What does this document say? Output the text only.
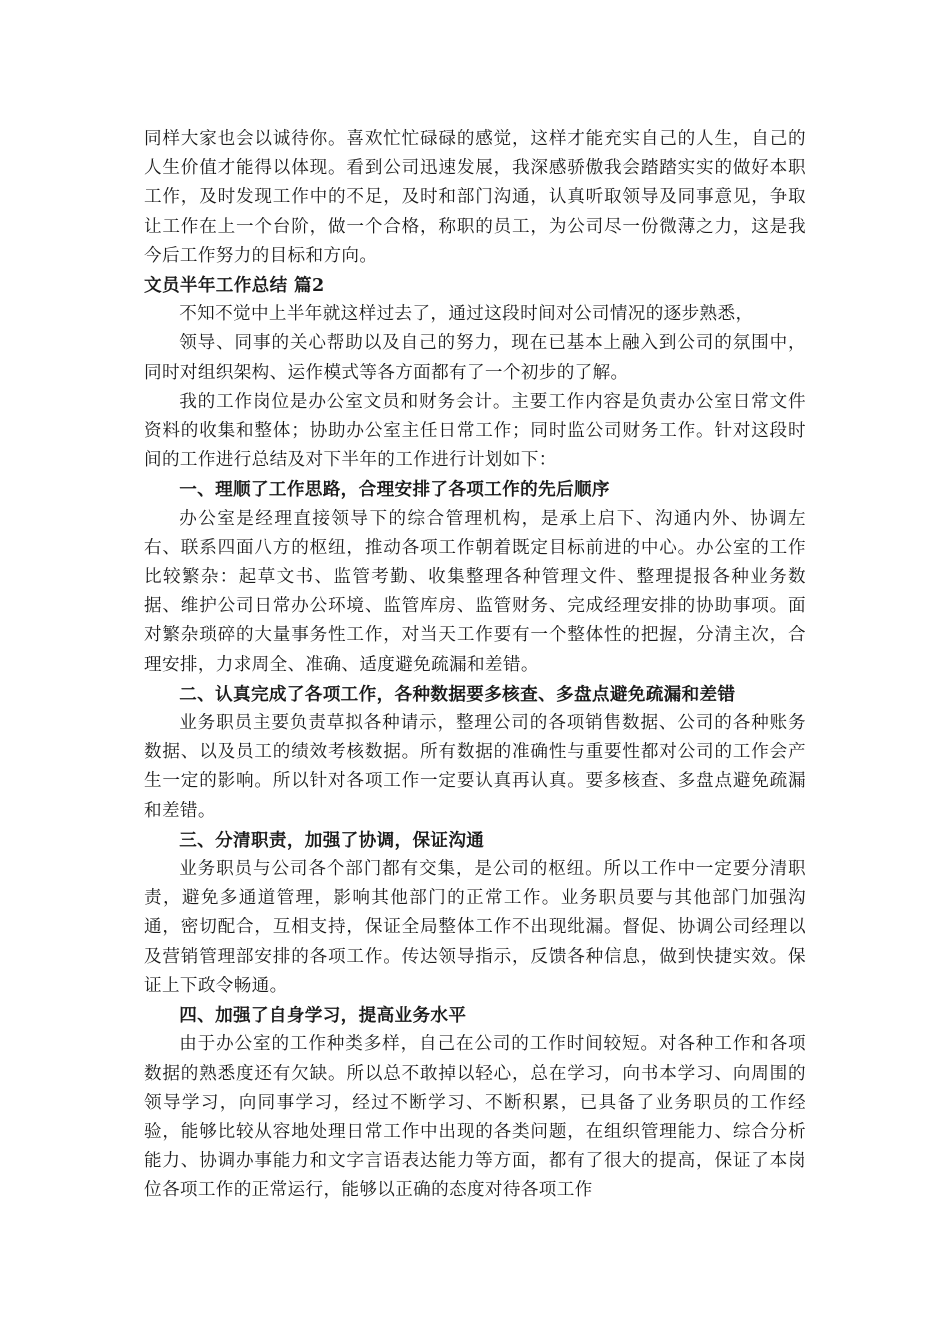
同样大家也会以诚待你。喜欢忙忙碌碌的感觉，这样才能充实自己的人生，自己的人生价值才能得以体现。看到公司迅速发展，我深感骄傲我会踏踏实实的做好本职工作，及时发现工作中的不足，及时和部门沟通，认真听取领导及同事意见，争取让工作在上一个台阶，做一个合格，称职的员工，为公司尽一份微薄之力，这是我今后工作努力的目标和方向。

文员半年工作总结 篇2

不知不觉中上半年就这样过去了，通过这段时间对公司情况的逐步熟悉，

领导、同事的关心帮助以及自己的努力，现在已基本上融入到公司的氛围中，同时对组织架构、运作模式等各方面都有了一个初步的了解。

我的工作岗位是办公室文员和财务会计。主要工作内容是负责办公室日常文件资料的收集和整体；协助办公室主任日常工作；同时监公司财务工作。针对这段时间的工作进行总结及对下半年的工作进行计划如下：

一、理顺了工作思路，合理安排了各项工作的先后顺序

办公室是经理直接领导下的综合管理机构，是承上启下、沟通内外、协调左右、联系四面八方的枢纽，推动各项工作朝着既定目标前进的中心。办公室的工作比较繁杂：起草文书、监管考勤、收集整理各种管理文件、整理提报各种业务数据、维护公司日常办公环境、监管库房、监管财务、完成经理安排的协助事项。面对繁杂琐碎的大量事务性工作，对当天工作要有一个整体性的把握，分清主次，合理安排，力求周全、准确、适度避免疏漏和差错。

二、认真完成了各项工作，各种数据要多核查、多盘点避免疏漏和差错

业务职员主要负责草拟各种请示，整理公司的各项销售数据、公司的各种账务数据、以及员工的绩效考核数据。所有数据的准确性与重要性都对公司的工作会产生一定的影响。所以针对各项工作一定要认真再认真。要多核查、多盘点避免疏漏和差错。

三、分清职责，加强了协调，保证沟通

业务职员与公司各个部门都有交集，是公司的枢纽。所以工作中一定要分清职责，避免多通道管理，影响其他部门的正常工作。业务职员要与其他部门加强沟通，密切配合，互相支持，保证全局整体工作不出现纰漏。督促、协调公司经理以及营销管理部安排的各项工作。传达领导指示，反馈各种信息，做到快捷实效。保证上下政令畅通。

四、加强了自身学习，提高业务水平

由于办公室的工作种类多样，自己在公司的工作时间较短。对各种工作和各项数据的熟悉度还有欠缺。所以总不敢掉以轻心，总在学习，向书本学习、向周围的领导学习，向同事学习，经过不断学习、不断积累，已具备了业务职员的工作经验，能够比较从容地处理日常工作中出现的各类问题，在组织管理能力、综合分析能力、协调办事能力和文字言语表达能力等方面，都有了很大的提高，保证了本岗位各项工作的正常运行，能够以正确的态度对待各项工作
